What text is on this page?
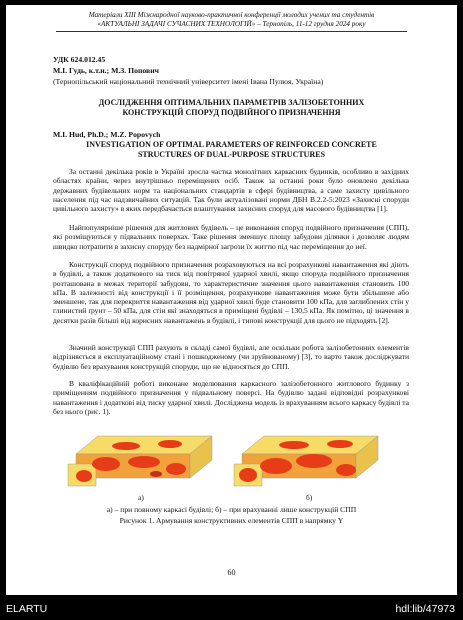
Матеріали XIII Міжнародної науково-практичної конференції молодих учених та студентів
«АКТУАЛЬНІ ЗАДАЧІ СУЧАСНИХ ТЕХНОЛОГІЙ» – Тернопіль, 11-12 грудня 2024 року
УДК 624.012.45
М.І. Гудь, к.т.н.; М.З. Попович
(Тернопільський національний технічний університет імені Івана Пулюя, Україна)
ДОСЛІДЖЕННЯ ОПТИМАЛЬНИХ ПАРАМЕТРІВ ЗАЛІЗОБЕТОННИХ
КОНСТРУКЦІЙ СПОРУД ПОДВІЙНОГО ПРИЗНАЧЕННЯ
M.I. Hud, Ph.D.; M.Z. Popovych
INVESTIGATION OF OPTIMAL PARAMETERS OF REINFORCED CONCRETE
STRUCTURES OF DUAL-PURPOSE STRUCTURES
За останні декілька років в Україні зросла частка монолітних каркасних будинків, особливо в західних областях країни, через внутрішньо переміщених осіб. Також за останні роки було оновлено декілька державних будівельних норм та національних стандартів в сфері будівництва, а саме захисту цивільного населення під час надзвичайних ситуацій. Так були актуалізовані норми ДБН В.2.2-5:2023 «Захисні споруди цивільного захисту» в яких передбачається влаштування захисних споруд для масового будівництва [1].
Найпопулярніше рішення для житлових будівель – це виконання споруд подвійного призначення (СПП), які розміщуються у підвальних поверхах. Таке рішення зменшує площу забудови ділянки і дозволяє людям швидко потрапити в захисну споруду без надмірної загрози їх життю під час переміщення до неї.
Конструкції споруд подвійного призначення розраховуються на всі розрахункові навантаження які діють в будівлі, а також додаткового на тиск від повітряної ударної хвилі, якщо споруда подвійного призначення розташована в межах території забудови, то характеристичне значення цього навантаження становить 100 кПа. В залежності від конструкції і її розміщення, розрахункове навантаження може бути збільшене або зменшене, так для перекриття навантаження від ударної хвилі буде становити 100 кПа, для заглиблених стін у глинистий ґрунт – 50 кПа, для стін які знаходяться в приміщені будівлі – 130,5 кПа. Як помітно, ці значення в десятки разів більші від корисних навантажень в будівлі, і типові конструкції для цього не підходять [2].
Значний конструкції СПП рахують в складі самої будівлі, але оскільки робота залізобетонних елементів відрізняється в експлуатаційному стані і пошкодженому (чи зруйнованому) [3], то варто також досліджувати будівлю без врахування конструкцій споруди, що не відносяться до СПП.
В кваліфікаційній роботі виконане моделювання каркасного залізобетонного житлового будинку з приміщенням подвійного призначення у підвальному поверсі. На будівлю задані відповідні розрахункові навантаження і додаткові від тиску ударної хвилі. Досліджена модель із врахуванням всього каркасу будівлі та без нього (рис. 1).
а)	б)
а) – при повному каркасі будівлі; б) – при врахуванні лише конструкцій СПП
Рисунок 1. Армування конструктивних елементів СПП в напрямку Y
60
ELARTU	hdl:lib/47973
